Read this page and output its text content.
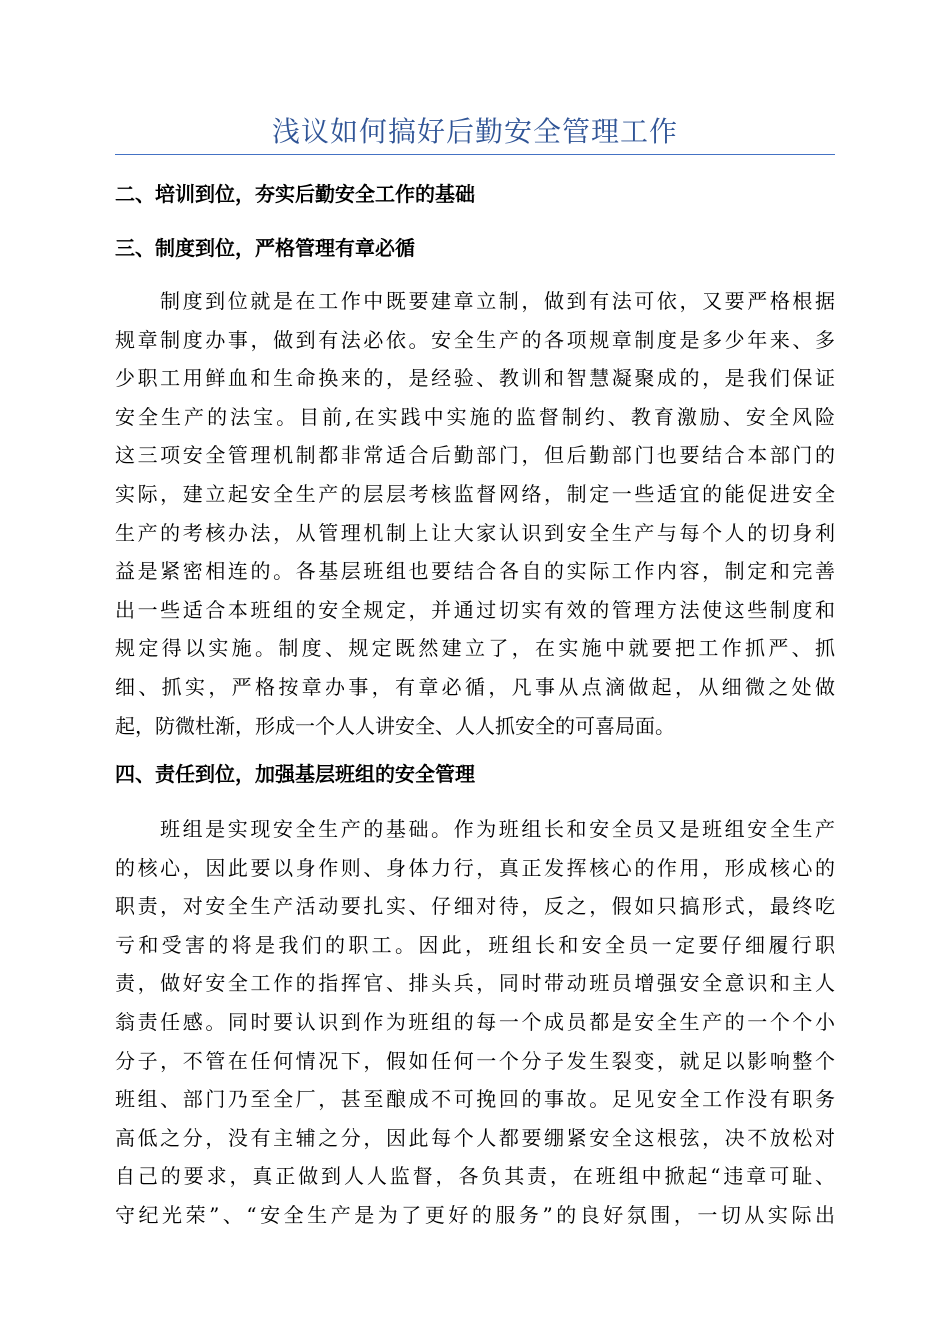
浅议如何搞好后勤安全管理工作
二、培训到位，夯实后勤安全工作的基础
三、制度到位，严格管理有章必循
制度到位就是在工作中既要建章立制，做到有法可依，又要严格根据
规章制度办事，做到有法必依。安全生产的各项规章制度是多少年来、多
少职工用鲜血和生命换来的，是经验、教训和智慧凝聚成的，是我们保证
安全生产的法宝。目前,在实践中实施的监督制约、教育激励、安全风险
这三项安全管理机制都非常适合后勤部门，但后勤部门也要结合本部门的
实际，建立起安全生产的层层考核监督网络，制定一些适宜的能促进安全
生产的考核办法，从管理机制上让大家认识到安全生产与每个人的切身利
益是紧密相连的。各基层班组也要结合各自的实际工作内容，制定和完善
出一些适合本班组的安全规定，并通过切实有效的管理方法使这些制度和
规定得以实施。制度、规定既然建立了，在实施中就要把工作抓严、抓
细、抓实，严格按章办事，有章必循，凡事从点滴做起，从细微之处做
起，防微杜渐，形成一个人人讲安全、人人抓安全的可喜局面。
四、责任到位，加强基层班组的安全管理
班组是实现安全生产的基础。作为班组长和安全员又是班组安全生产
的核心，因此要以身作则、身体力行，真正发挥核心的作用，形成核心的
职责，对安全生产活动要扎实、仔细对待，反之，假如只搞形式，最终吃
亏和受害的将是我们的职工。因此，班组长和安全员一定要仔细履行职
责，做好安全工作的指挥官、排头兵，同时带动班员增强安全意识和主人
翁责任感。同时要认识到作为班组的每一个成员都是安全生产的一个个小
分子，不管在任何情况下，假如任何一个分子发生裂变，就足以影响整个
班组、部门乃至全厂，甚至酿成不可挽回的事故。足见安全工作没有职务
高低之分，没有主辅之分，因此每个人都要绷紧安全这根弦，决不放松对
自己的要求，真正做到人人监督，各负其责，在班组中掀起“违章可耻、
守纪光荣”、“安全生产是为了更好的服务”的良好氛围，一切从实际出
